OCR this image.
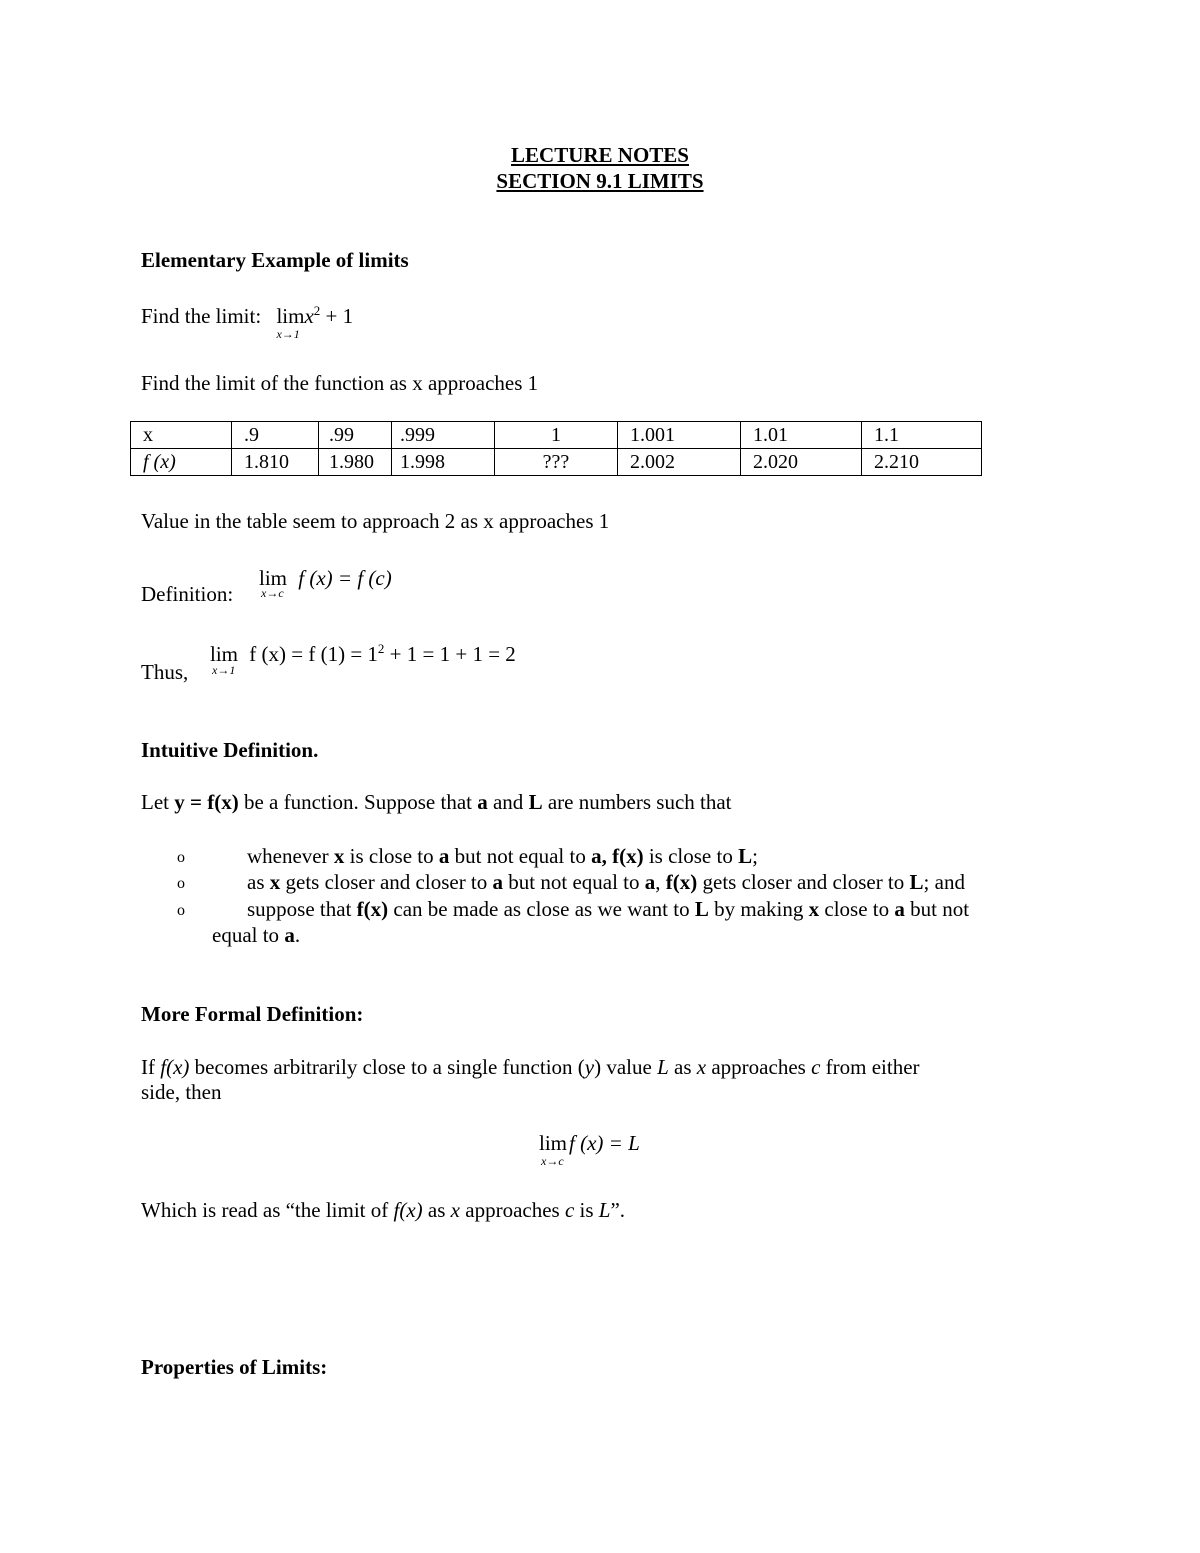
LECTURE NOTES
SECTION 9.1 LIMITS
Elementary Example of limits
Find the limit: limx$^2$ + 1
x→1
Find the limit of the function as x approaches 1
x	.9	.99	.999	1	1.001	1.01	1.1
f (x)	1.810	1.980	1.998	???	2.002	2.020	2.210
Value in the table seem to approach 2 as x approaches 1
Definition:
lim f (x) = f (c)
x→c
Thus,
lim f (x) = f $(1) = 1^2 + 1 = 1 + 1 = 2$
x→1
Intuitive Definition.
Let y = f(x) be a function. Suppose that a and L are numbers such that
o	whenever x is close to a but not equal to a, f(x) is close to L;
o	as x gets closer and closer to a but not equal to a, f(x) gets closer and closer to L; and
o	suppose that f(x) can be made as close as we want to L by making x close to a but not
equal to a.
More Formal Definition:
If f(x) becomes arbitrarily close to a single function (y) value L as x approaches c from either
side, then
limf (x) = L
x→c
Which is read as “the limit of f(x) as x approaches c is L”.
Properties of Limits:
